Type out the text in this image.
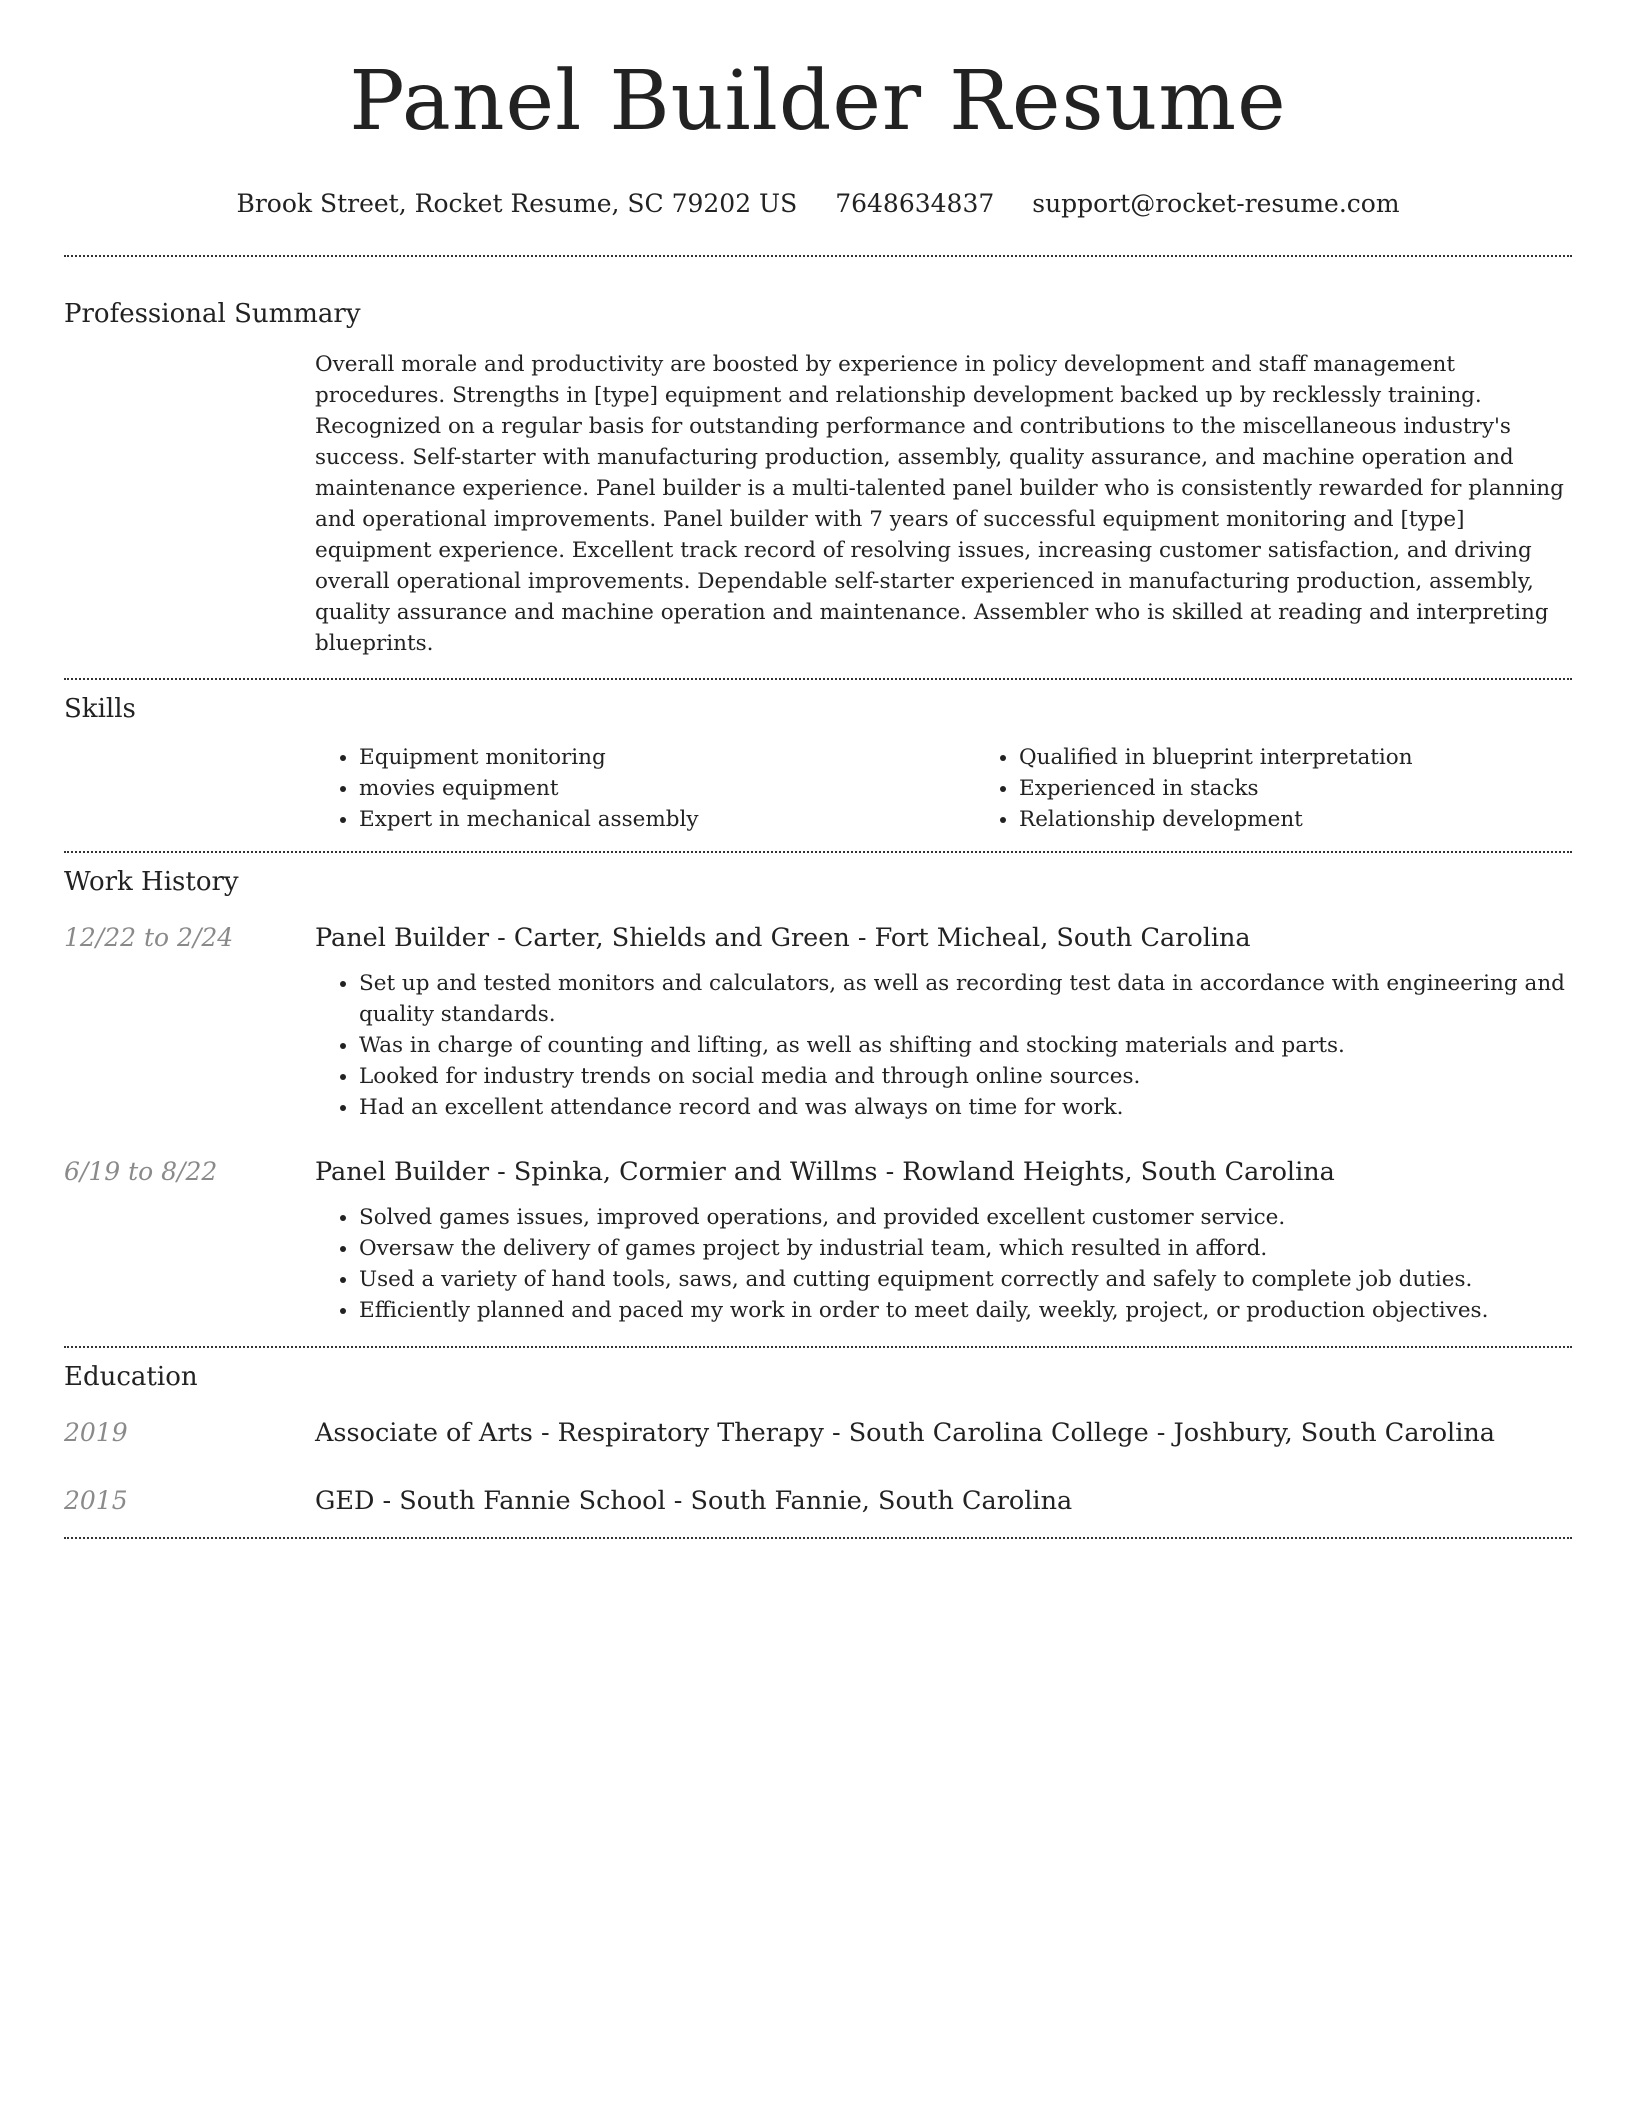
Panel Builder Resume
Brook Street, Rocket Resume, SC 79202 US 7648634837 support@rocket-resume.com
Professional Summary
Overall morale and productivity are boosted by experience in policy development and staff management procedures. Strengths in [type] equipment and relationship development backed up by recklessly training. Recognized on a regular basis for outstanding performance and contributions to the miscellaneous industry's success. Self-starter with manufacturing production, assembly, quality assurance, and machine operation and maintenance experience. Panel builder is a multi-talented panel builder who is consistently rewarded for planning and operational improvements. Panel builder with 7 years of successful equipment monitoring and [type] equipment experience. Excellent track record of resolving issues, increasing customer satisfaction, and driving overall operational improvements. Dependable self-starter experienced in manufacturing production, assembly, quality assurance and machine operation and maintenance. Assembler who is skilled at reading and interpreting blueprints.
Skills
• Equipment monitoring
• movies equipment
• Expert in mechanical assembly
• Qualified in blueprint interpretation
• Experienced in stacks
• Relationship development
Work History
12/22 to 2/24	Panel Builder - Carter, Shields and Green - Fort Micheal, South Carolina
• Set up and tested monitors and calculators, as well as recording test data in accordance with engineering and quality standards.
• Was in charge of counting and lifting, as well as shifting and stocking materials and parts.
• Looked for industry trends on social media and through online sources.
• Had an excellent attendance record and was always on time for work.
6/19 to 8/22	Panel Builder - Spinka, Cormier and Willms - Rowland Heights, South Carolina
• Solved games issues, improved operations, and provided excellent customer service.
• Oversaw the delivery of games project by industrial team, which resulted in afford.
• Used a variety of hand tools, saws, and cutting equipment correctly and safely to complete job duties.
• Efficiently planned and paced my work in order to meet daily, weekly, project, or production objectives.
Education
2019	Associate of Arts - Respiratory Therapy - South Carolina College - Joshbury, South Carolina
2015	GED - South Fannie School - South Fannie, South Carolina
